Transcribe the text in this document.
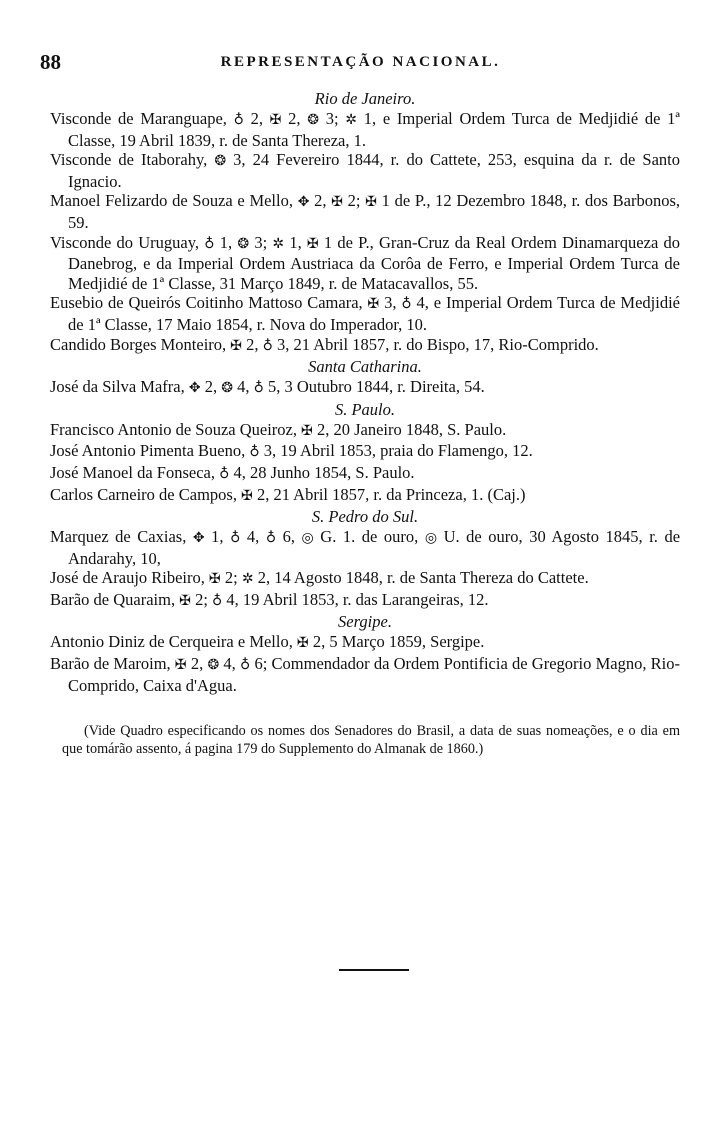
88	REPRESENTAÇÃO NACIONAL.
Rio de Janeiro.

Visconde de Maranguape, ♁ 2, ✠ 2, ❂ 3; ✲ 1, e Imperial Ordem Turca de Medjidié de 1ª Classe, 19 Abril 1839, r. de Santa Thereza, 1.

Visconde de Itaborahy, ❂ 3, 24 Fevereiro 1844, r. do Cattete, 253, esquina da r. de Santo Ignacio.

Manoel Felizardo de Souza e Mello, ✥ 2, ✠ 2; ✠ 1 de P., 12 Dezembro 1848, r. dos Barbonos, 59.

Visconde do Uruguay, ♁ 1, ❂ 3; ✲ 1, ✠ 1 de P., Gran-Cruz da Real Ordem Dinamarqueza do Danebrog, e da Imperial Ordem Austriaca da Corôa de Ferro, e Imperial Ordem Turca de Medjidié de 1ª Classe, 31 Março 1849, r. de Matacavallos, 55.

Eusebio de Queirós Coitinho Mattoso Camara, ✠ 3, ♁ 4, e Imperial Ordem Turca de Medjidié de 1ª Classe, 17 Maio 1854, r. Nova do Imperador, 10.

Candido Borges Monteiro, ✠ 2, ♁ 3, 21 Abril 1857, r. do Bispo, 17, Rio-Comprido.

Santa Catharina.

José da Silva Mafra, ✥ 2, ❂ 4, ♁ 5, 3 Outubro 1844, r. Direita, 54.

S. Paulo.

Francisco Antonio de Souza Queiroz, ✠ 2, 20 Janeiro 1848, S. Paulo.

José Antonio Pimenta Bueno, ♁ 3, 19 Abril 1853, praia do Flamengo, 12.

José Manoel da Fonseca, ♁ 4, 28 Junho 1854, S. Paulo.

Carlos Carneiro de Campos, ✠ 2, 21 Abril 1857, r. da Princeza, 1. (Caj.)

S. Pedro do Sul.

Marquez de Caxias, ✥ 1, ♁ 4, ♁ 6, ◎ G. 1. de ouro, ◎ U. de ouro, 30 Agosto 1845, r. de Andarahy, 10,

José de Araujo Ribeiro, ✠ 2; ✲ 2, 14 Agosto 1848, r. de Santa Thereza do Cattete.

Barão de Quaraim, ✠ 2; ♁ 4, 19 Abril 1853, r. das Larangeiras, 12.

Sergipe.

Antonio Diniz de Cerqueira e Mello, ✠ 2, 5 Março 1859, Sergipe.

Barão de Maroim, ✠ 2, ❂ 4, ♁ 6; Commendador da Ordem Pontificia de Gregorio Magno, Rio-Comprido, Caixa d'Agua.

(Vide Quadro especificando os nomes dos Senadores do Brasil, a data de suas nomeações, e o dia em que tomárão assento, á pagina 179 do Supplemento do Almanak de 1860.)
